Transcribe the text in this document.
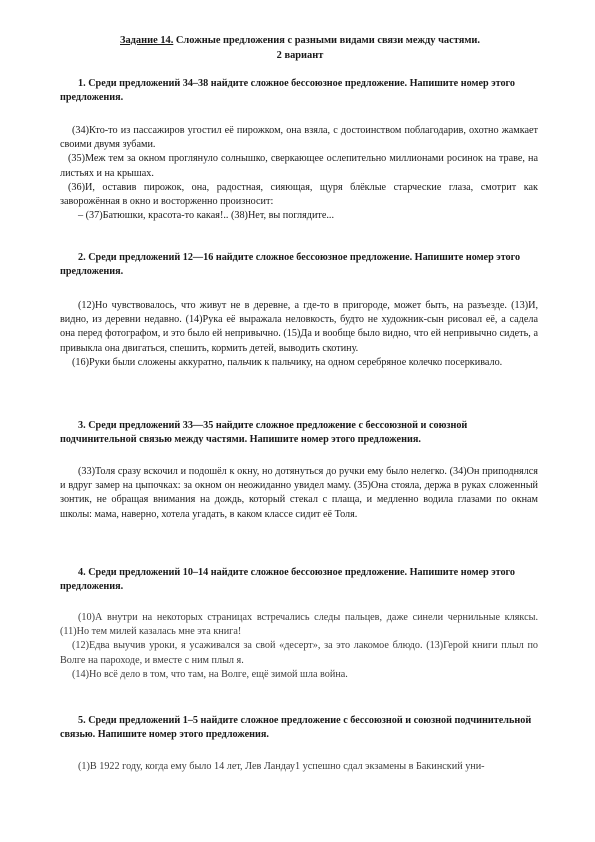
Задание 14. Сложные предложения с разными видами связи между частями.
2 вариант
1. Среди предложений 34–38 найдите сложное бессоюзное предложение. Напишите номер этого предложения.

(34)Кто-то из пассажиров угостил её пирожком, она взяла, с достоинством поблагодарив, охотно жамкает своими двумя зубами.

(35)Меж тем за окном проглянуло солнышко, сверкающее ослепительно миллионами росинок на траве, на листьях и на крышах.

(36)И, оставив пирожок, она, радостная, сияющая, щуря блёклые старческие глаза, смотрит как заворожённая в окно и восторженно произносит:

– (37)Батюшки, красота-то какая!.. (38)Нет, вы поглядите...

2. Среди предложений 12—16 найдите сложное бессоюзное предложение. Напишите номер этого предложения.

(12)Но чувствовалось, что живут не в деревне, а где-то в пригороде, может быть, на разъезде. (13)И, видно, из деревни недавно. (14)Рука её выражала неловкость, будто не художник-сын рисовал её, а садела она перед фотографом, и это было ей непривычно. (15)Да и вообще было видно, что ей непривычно сидеть, а привыкла она двигаться, спешить, кормить детей, выводить скотину.

(16)Руки были сложены аккуратно, пальчик к пальчику, на одном серебряное колечко посеркивало.

3. Среди предложений 33—35 найдите сложное предложение с бессоюзной и союзной подчинительной связью между частями. Напишите номер этого предложения.

(33)Толя сразу вскочил и подошёл к окну, но дотянуться до ручки ему было нелегко. (34)Он приподнялся и вдруг замер на цыпочках: за окном он неожиданно увидел маму. (35)Она стояла, держа в руках сложенный зонтик, не обращая внимания на дождь, который стекал с плаща, и медленно водила глазами по окнам школы: мама, наверно, хотела угадать, в каком классе сидит её Толя.

4. Среди предложений 10–14 найдите сложное бессоюзное предложение. Напишите номер этого предложения.

(10)А внутри на некоторых страницах встречались следы пальцев, даже синели чернильные кляксы. (11)Но тем милей казалась мне эта книга!

(12)Едва выучив уроки, я усаживался за свой «десерт», за это лакомое блюдо. (13)Герой книги плыл по Волге на пароходе, и вместе с ним плыл я.

(14)Но всё дело в том, что там, на Волге, ещё зимой шла война.

5. Среди предложений 1–5 найдите сложное предложение с бессоюзной и союзной подчинительной связью. Напишите номер этого предложения.

(1)В 1922 году, когда ему было 14 лет, Лев Ландау1 успешно сдал экзамены в Бакинский уни-
